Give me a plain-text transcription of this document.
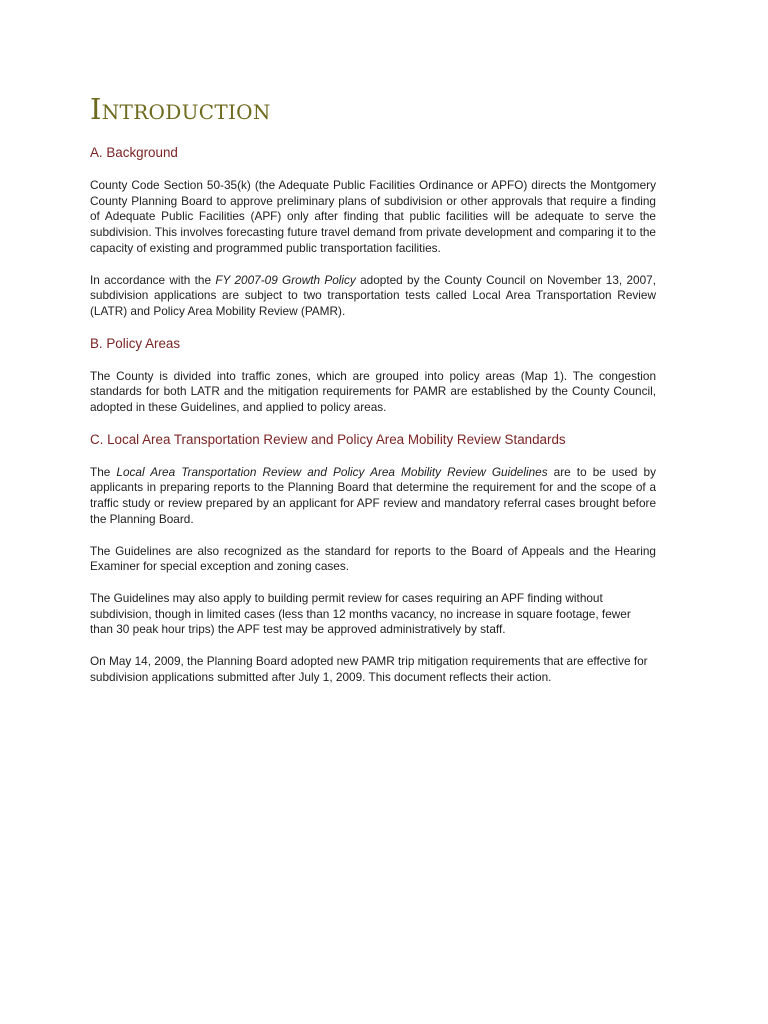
Introduction
A. Background

County Code Section 50-35(k) (the Adequate Public Facilities Ordinance or APFO) directs the Montgomery County Planning Board to approve preliminary plans of subdivision or other approvals that require a finding of Adequate Public Facilities (APF) only after finding that public facilities will be adequate to serve the subdivision. This involves forecasting future travel demand from private development and comparing it to the capacity of existing and programmed public transportation facilities.

In accordance with the FY 2007-09 Growth Policy adopted by the County Council on November 13, 2007, subdivision applications are subject to two transportation tests called Local Area Transportation Review (LATR) and Policy Area Mobility Review (PAMR).

B. Policy Areas

The County is divided into traffic zones, which are grouped into policy areas (Map 1). The congestion standards for both LATR and the mitigation requirements for PAMR are established by the County Council, adopted in these Guidelines, and applied to policy areas.

C. Local Area Transportation Review and Policy Area Mobility Review Standards

The Local Area Transportation Review and Policy Area Mobility Review Guidelines are to be used by applicants in preparing reports to the Planning Board that determine the requirement for and the scope of a traffic study or review prepared by an applicant for APF review and mandatory referral cases brought before the Planning Board.

The Guidelines are also recognized as the standard for reports to the Board of Appeals and the Hearing Examiner for special exception and zoning cases.

The Guidelines may also apply to building permit review for cases requiring an APF finding without subdivision, though in limited cases (less than 12 months vacancy, no increase in square footage, fewer than 30 peak hour trips) the APF test may be approved administratively by staff.

On May 14, 2009, the Planning Board adopted new PAMR trip mitigation requirements that are effective for subdivision applications submitted after July 1, 2009. This document reflects their action.
